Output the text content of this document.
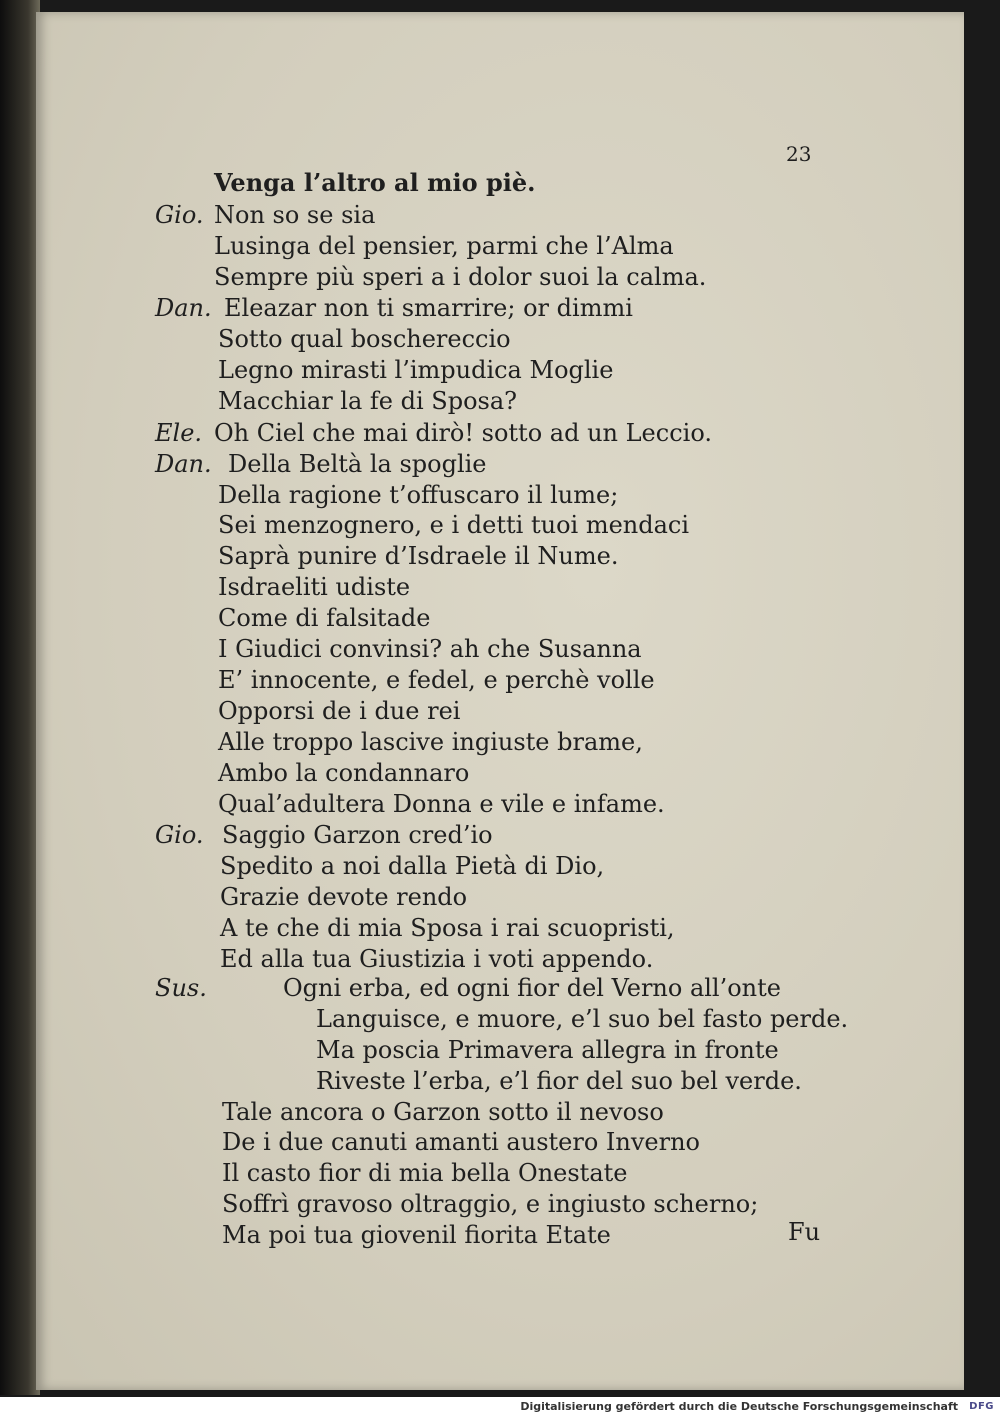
23
Venga l’altro al mio piè.
Gio. Non so se sia
Lusinga del pensier, parmi che l’Alma
Sempre più speri a i dolor suoi la calma.
Dan. Eleazar non ti smarrire; or dimmi
Sotto qual boschereccio
Legno mirasti l’impudica Moglie
Macchiar la fe di Sposa?
Ele. Oh Ciel che mai dirò! sotto ad un Leccio.
Dan. Della Beltà la spoglie
Della ragione t’offuscaro il lume;
Sei menzognero, e i detti tuoi mendaci
Saprà punire d’Isdraele il Nume.
Isdraeliti udiste
Come di falsitade
I Giudici convinsi? ah che Susanna
E’ innocente, e fedel, e perchè volle
Opporsi de i due rei
Alle troppo lascive ingiuste brame,
Ambo la condannaro
Qual’adultera Donna e vile e infame.
Gio. Saggio Garzon cred’io
Spedito a noi dalla Pietà di Dio,
Grazie devote rendo
A te che di mia Sposa i rai scuopristi,
Ed alla tua Giustizia i voti appendo.
Sus.	Ogni erba, ed ogni fior del Verno all’onte
Languisce, e muore, e’l suo bel fasto perde.
Ma poscia Primavera allegra in fronte
Riveste l’erba, e’l fior del suo bel verde.
Tale ancora o Garzon sotto il nevoso
De i due canuti amanti austero Inverno
Il casto fior di mia bella Onestate
Soffrì gravoso oltraggio, e ingiusto scherno;
Ma poi tua giovenil fiorita Etate	Fu
Digitalisierung gefördert durch die Deutsche Forschungsgemeinschaft DFG
